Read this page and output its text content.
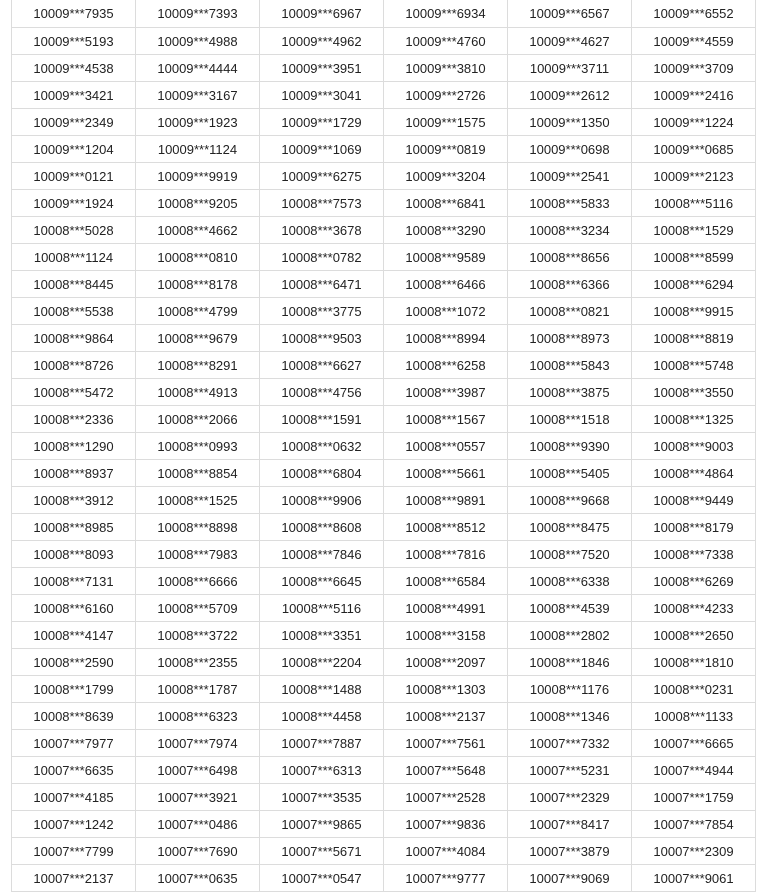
10009***7935	10009***7393	10009***6967	10009***6934	10009***6567	10009***6552
10009***5193	10009***4988	10009***4962	10009***4760	10009***4627	10009***4559
10009***4538	10009***4444	10009***3951	10009***3810	10009***3711	10009***3709
10009***3421	10009***3167	10009***3041	10009***2726	10009***2612	10009***2416
10009***2349	10009***1923	10009***1729	10009***1575	10009***1350	10009***1224
10009***1204	10009***1124	10009***1069	10009***0819	10009***0698	10009***0685
10009***0121	10009***9919	10009***6275	10009***3204	10009***2541	10009***2123
10009***1924	10008***9205	10008***7573	10008***6841	10008***5833	10008***5116
10008***5028	10008***4662	10008***3678	10008***3290	10008***3234	10008***1529
10008***1124	10008***0810	10008***0782	10008***9589	10008***8656	10008***8599
10008***8445	10008***8178	10008***6471	10008***6466	10008***6366	10008***6294
10008***5538	10008***4799	10008***3775	10008***1072	10008***0821	10008***9915
10008***9864	10008***9679	10008***9503	10008***8994	10008***8973	10008***8819
10008***8726	10008***8291	10008***6627	10008***6258	10008***5843	10008***5748
10008***5472	10008***4913	10008***4756	10008***3987	10008***3875	10008***3550
10008***2336	10008***2066	10008***1591	10008***1567	10008***1518	10008***1325
10008***1290	10008***0993	10008***0632	10008***0557	10008***9390	10008***9003
10008***8937	10008***8854	10008***6804	10008***5661	10008***5405	10008***4864
10008***3912	10008***1525	10008***9906	10008***9891	10008***9668	10008***9449
10008***8985	10008***8898	10008***8608	10008***8512	10008***8475	10008***8179
10008***8093	10008***7983	10008***7846	10008***7816	10008***7520	10008***7338
10008***7131	10008***6666	10008***6645	10008***6584	10008***6338	10008***6269
10008***6160	10008***5709	10008***5116	10008***4991	10008***4539	10008***4233
10008***4147	10008***3722	10008***3351	10008***3158	10008***2802	10008***2650
10008***2590	10008***2355	10008***2204	10008***2097	10008***1846	10008***1810
10008***1799	10008***1787	10008***1488	10008***1303	10008***1176	10008***0231
10008***8639	10008***6323	10008***4458	10008***2137	10008***1346	10008***1133
10007***7977	10007***7974	10007***7887	10007***7561	10007***7332	10007***6665
10007***6635	10007***6498	10007***6313	10007***5648	10007***5231	10007***4944
10007***4185	10007***3921	10007***3535	10007***2528	10007***2329	10007***1759
10007***1242	10007***0486	10007***9865	10007***9836	10007***8417	10007***7854
10007***7799	10007***7690	10007***5671	10007***4084	10007***3879	10007***2309
10007***2137	10007***0635	10007***0547	10007***9777	10007***9069	10007***9061
